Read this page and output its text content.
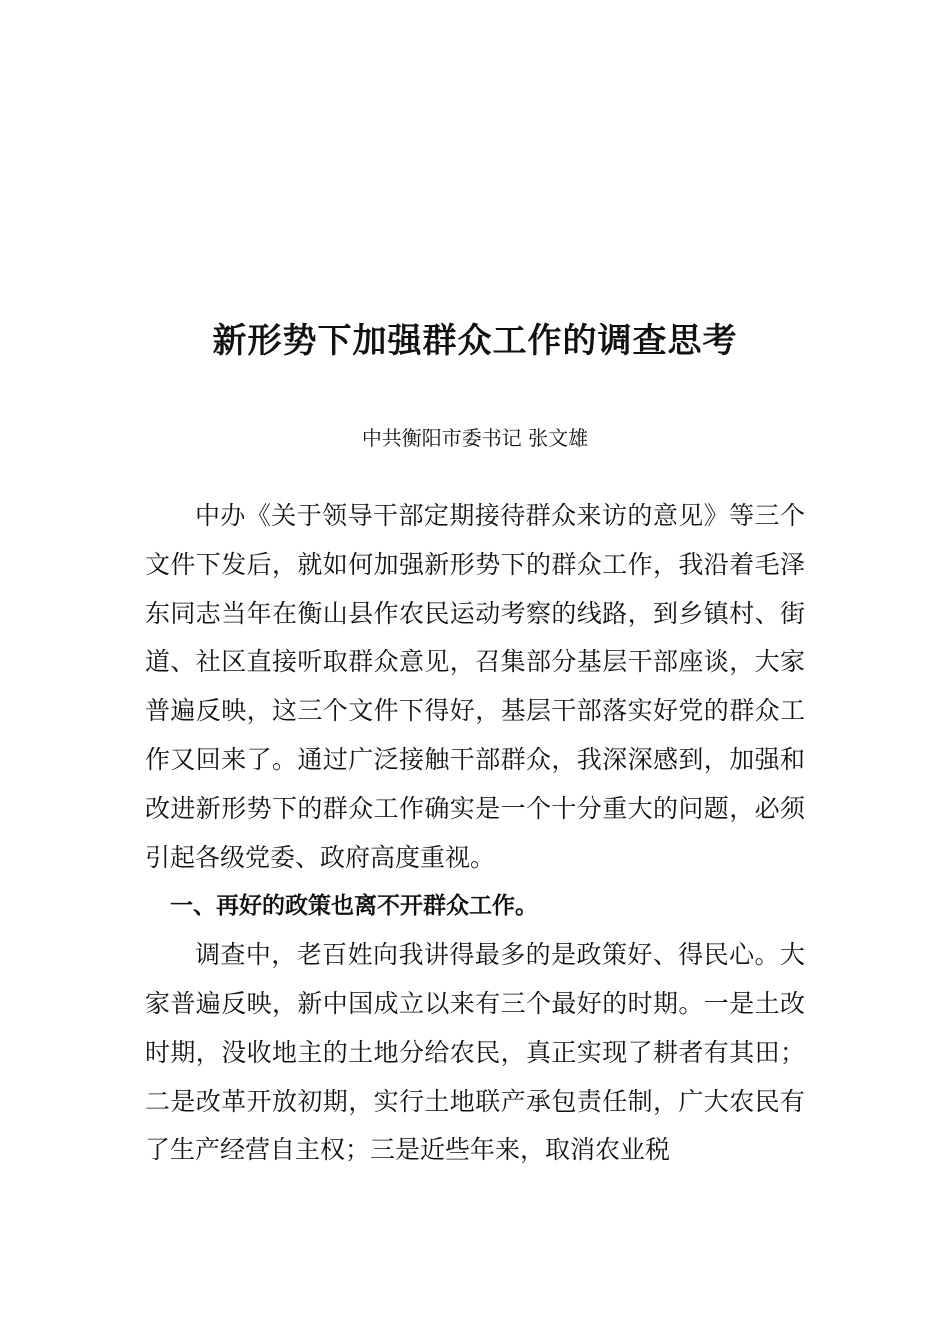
新形势下加强群众工作的调查思考
中共衡阳市委书记 张文雄

中办《关于领导干部定期接待群众来访的意见》等三个文件下发后，就如何加强新形势下的群众工作，我沿着毛泽东同志当年在衡山县作农民运动考察的线路，到乡镇村、街道、社区直接听取群众意见，召集部分基层干部座谈，大家普遍反映，这三个文件下得好，基层干部落实好党的群众工作又回来了。通过广泛接触干部群众，我深深感到，加强和改进新形势下的群众工作确实是一个十分重大的问题，必须引起各级党委、政府高度重视。

一、再好的政策也离不开群众工作。

调查中，老百姓向我讲得最多的是政策好、得民心。大家普遍反映，新中国成立以来有三个最好的时期。一是土改时期，没收地主的土地分给农民，真正实现了耕者有其田；二是改革开放初期，实行土地联产承包责任制，广大农民有了生产经营自主权；三是近些年来，取消农业税
